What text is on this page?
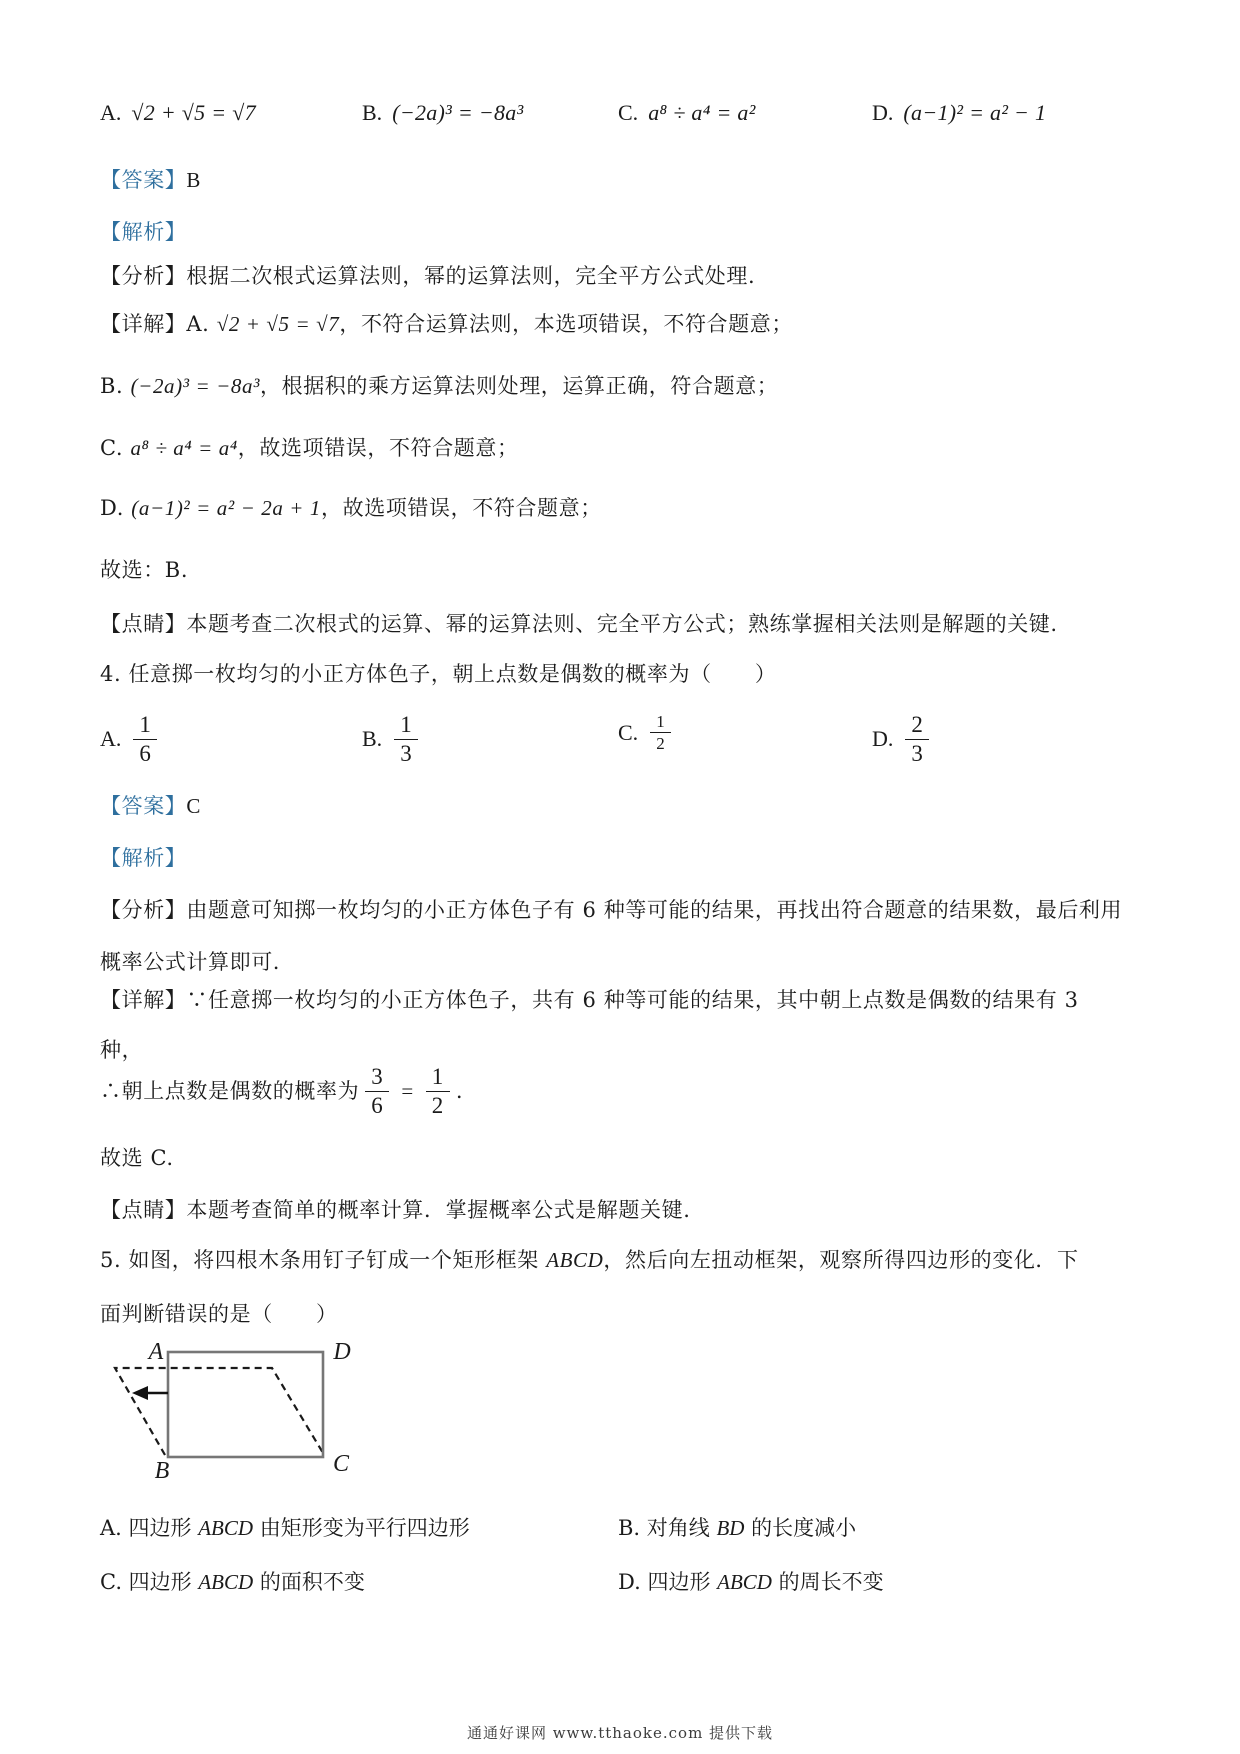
A. √2 + √5 = √7	B. (−2a)³ = −8a³	C. a⁸ ÷ a⁴ = a²	D. (a−1)² = a² − 1

【答案】B

【解析】

【分析】根据二次根式运算法则，幂的运算法则，完全平方公式处理.

【详解】A. √2 + √5 = √7，不符合运算法则，本选项错误，不符合题意；

B. (−2a)³ = −8a³，根据积的乘方运算法则处理，运算正确，符合题意；

C. a⁸ ÷ a⁴ = a⁴，故选项错误，不符合题意；

D. (a−1)² = a² − 2a + 1，故选项错误，不符合题意；

故选：B.

【点睛】本题考查二次根式的运算、幂的运算法则、完全平方公式；熟练掌握相关法则是解题的关键.

4. 任意掷一枚均匀的小正方体色子，朝上点数是偶数的概率为（　　）

A. $\frac{1}{6}$	B. $\frac{1}{3}$	C. $\frac{1}{2}$	D. $\frac{2}{3}$

【答案】C

【解析】

【分析】由题意可知掷一枚均匀的小正方体色子有 6 种等可能的结果，再找出符合题意的结果数，最后利用

概率公式计算即可.

【详解】∵任意掷一枚均匀的小正方体色子，共有 6 种等可能的结果，其中朝上点数是偶数的结果有 3

种，

∴朝上点数是偶数的概率为 $\frac{3}{6} = \frac{1}{2}$ .

故选 C.

【点睛】本题考查简单的概率计算．掌握概率公式是解题关键.

5. 如图，将四根木条用钉子钉成一个矩形框架 ABCD，然后向左扭动框架，观察所得四边形的变化．下

面判断错误的是（　　）

A	D
B	C
A. 四边形 ABCD 由矩形变为平行四边形	B. 对角线 BD 的长度减小
C. 四边形 ABCD 的面积不变	D. 四边形 ABCD 的周长不变

通通好课网 www.tthaoke.com 提供下载
